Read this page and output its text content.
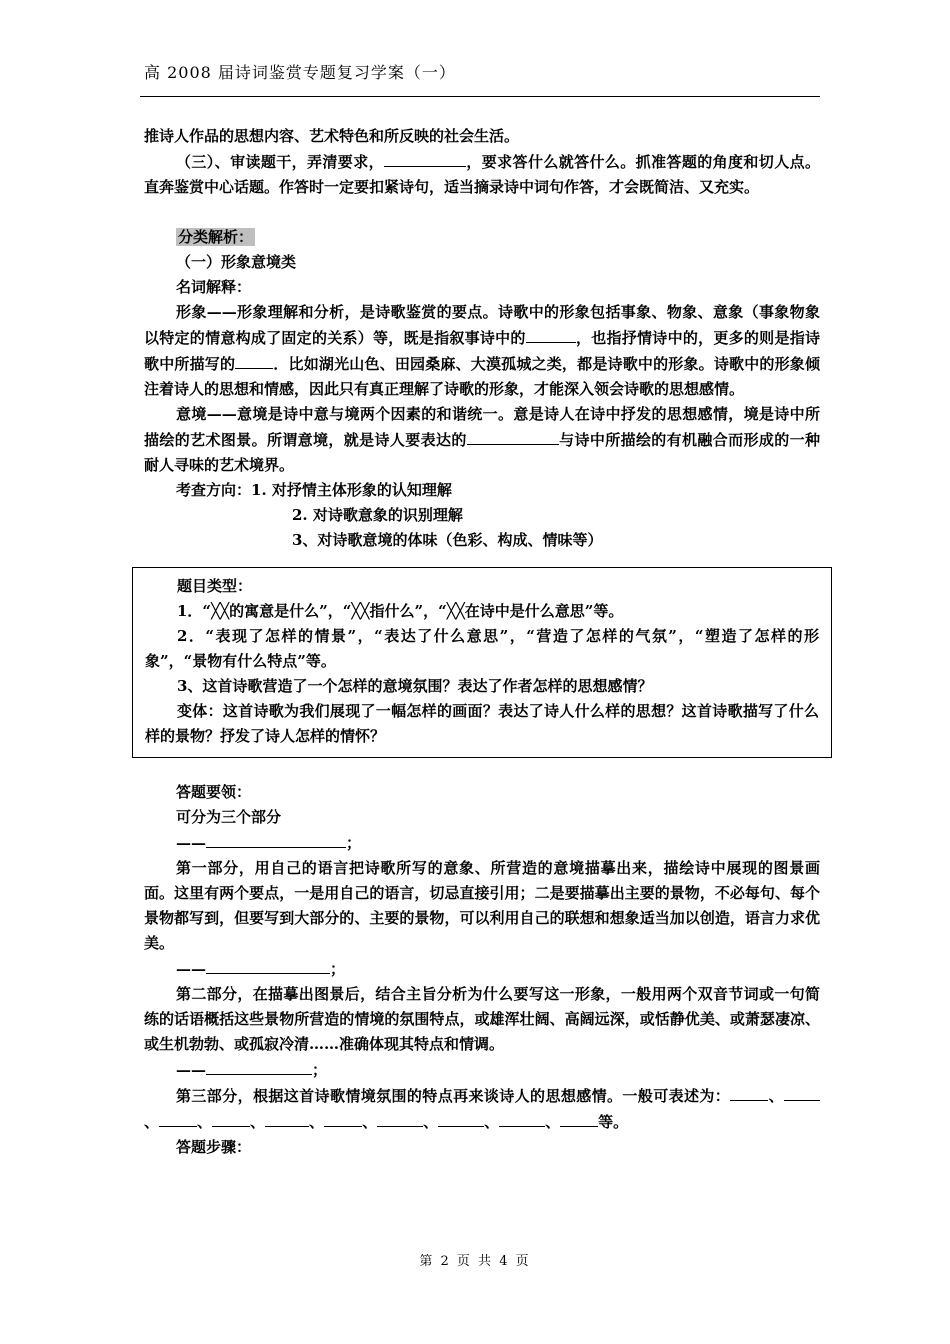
高 2008 届诗词鉴赏专题复习学案（一）

推诗人作品的思想内容、艺术特色和所反映的社会生活。

（三）、审读题干，弄清要求，	，要求答什么就答什么。抓准答题的角度和切人点。直奔鉴赏中心话题。作答时一定要扣紧诗句，适当摘录诗中词句作答，才会既简洁、又充实。

分类解析：

（一）形象意境类

名词解释：

形象——形象理解和分析，是诗歌鉴赏的要点。诗歌中的形象包括事象、物象、意象（事象物象以特定的情意构成了固定的关系）等，既是指叙事诗中的	，也指抒情诗中的，更多的则是指诗歌中所描写的	．比如湖光山色、田园桑麻、大漠孤城之类，都是诗歌中的形象。诗歌中的形象倾注着诗人的思想和情感，因此只有真正理解了诗歌的形象，才能深入领会诗歌的思想感情。

意境——意境是诗中意与境两个因素的和谐统一。意是诗人在诗中抒发的思想感情，境是诗中所描绘的艺术图景。所谓意境，就是诗人要表达的	与诗中所描绘的有机融合而形成的一种耐人寻味的艺术境界。

考查方向：1. 对抒情主体形象的认知理解

2. 对诗歌意象的识别理解

3、对诗歌意境的体味（色彩、构成、情味等）

题目类型：

1．“╳╳的寓意是什么”，“╳╳指什么”，“╳╳在诗中是什么意思”等。

2．“表现了怎样的情景”，“表达了什么意思”，“营造了怎样的气氛”，“塑造了怎样的形象”，“景物有什么特点”等。

3、这首诗歌营造了一个怎样的意境氛围？表达了作者怎样的思想感情？

变体：这首诗歌为我们展现了一幅怎样的画面？表达了诗人什么样的思想？这首诗歌描写了什么样的景物？抒发了诗人怎样的情怀？

答题要领：

可分为三个部分

——	；

第一部分，用自己的语言把诗歌所写的意象、所营造的意境描摹出来，描绘诗中展现的图景画面。这里有两个要点，一是用自己的语言，切忌直接引用；二是要描摹出主要的景物，不必每句、每个景物都写到，但要写到大部分的、主要的景物，可以利用自己的联想和想象适当加以创造，语言力求优美。

——	；

第二部分，在描摹出图景后，结合主旨分析为什么要写这一形象，一般用两个双音节词或一句简练的话语概括这些景物所营造的情境的氛围特点，或雄浑壮阔、高阔远深，或恬静优美、或萧瑟凄凉、或生机勃勃、或孤寂冷清……准确体现其特点和情调。

——	；

第三部分，根据这首诗歌情境氛围的特点再来谈诗人的思想感情。一般可表述为：	、、	、	、	、	、	、	、	、	等。

答题步骤：

第 2 页 共 4 页
